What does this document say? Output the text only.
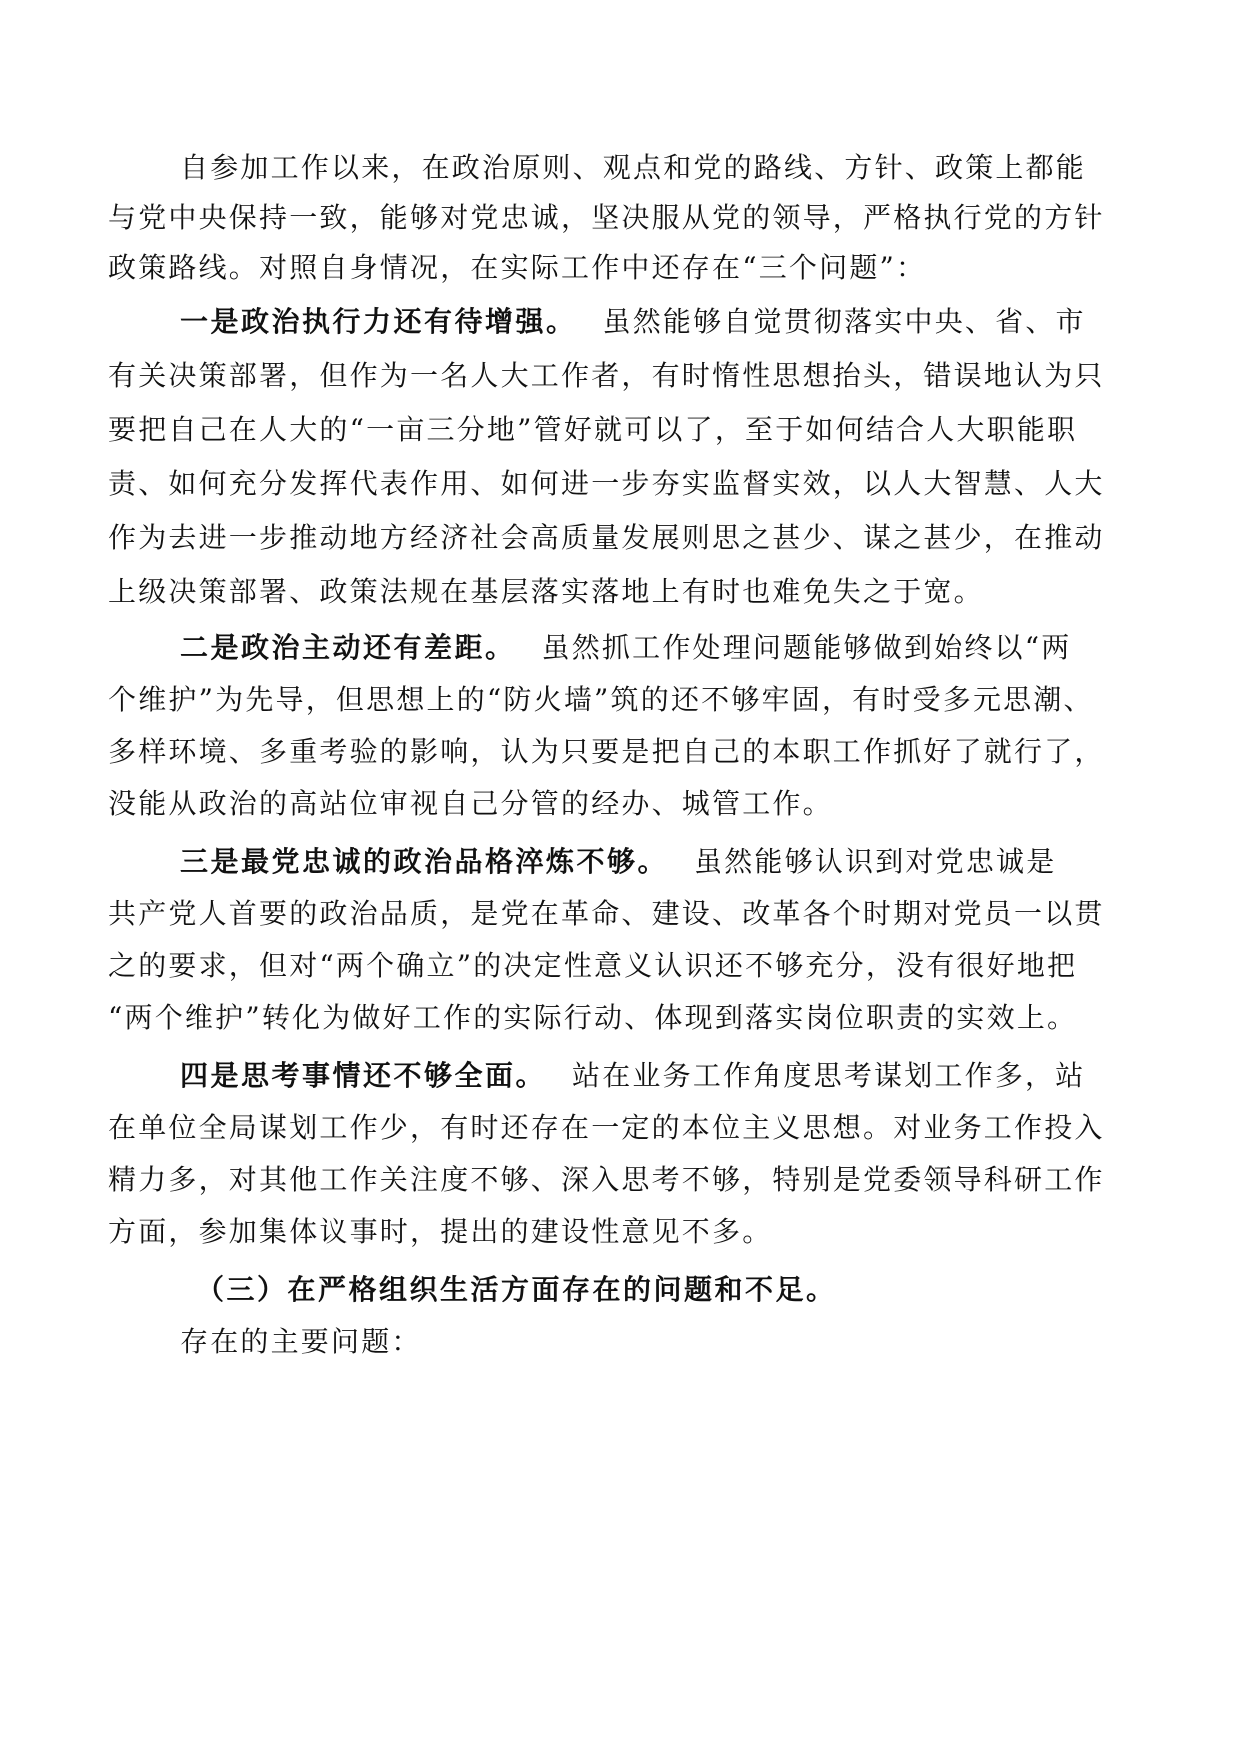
自参加工作以来，在政治原则、观点和党的路线、方针、政策上都能
与党中央保持一致，能够对党忠诚，坚决服从党的领导，严格执行党的方针
政策路线。对照自身情况，在实际工作中还存在“三个问题”：
一是政治执行力还有待增强。 虽然能够自觉贯彻落实中央、省、市
有关决策部署，但作为一名人大工作者，有时惰性思想抬头，错误地认为只
要把自己在人大的“一亩三分地”管好就可以了，至于如何结合人大职能职
责、如何充分发挥代表作用、如何进一步夯实监督实效，以人大智慧、人大
作为去进一步推动地方经济社会高质量发展则思之甚少、谋之甚少，在推动
上级决策部署、政策法规在基层落实落地上有时也难免失之于宽。
二是政治主动还有差距。 虽然抓工作处理问题能够做到始终以“两
个维护”为先导，但思想上的“防火墙”筑的还不够牢固，有时受多元思潮、
多样环境、多重考验的影响，认为只要是把自己的本职工作抓好了就行了，
没能从政治的高站位审视自己分管的经办、城管工作。
三是最党忠诚的政治品格淬炼不够。 虽然能够认识到对党忠诚是
共产党人首要的政治品质，是党在革命、建设、改革各个时期对党员一以贯
之的要求，但对“两个确立”的决定性意义认识还不够充分，没有很好地把
“两个维护”转化为做好工作的实际行动、体现到落实岗位职责的实效上。
四是思考事情还不够全面。 站在业务工作角度思考谋划工作多，站
在单位全局谋划工作少，有时还存在一定的本位主义思想。对业务工作投入
精力多，对其他工作关注度不够、深入思考不够，特别是党委领导科研工作
方面，参加集体议事时，提出的建设性意见不多。
（三）在严格组织生活方面存在的问题和不足。
存在的主要问题：
